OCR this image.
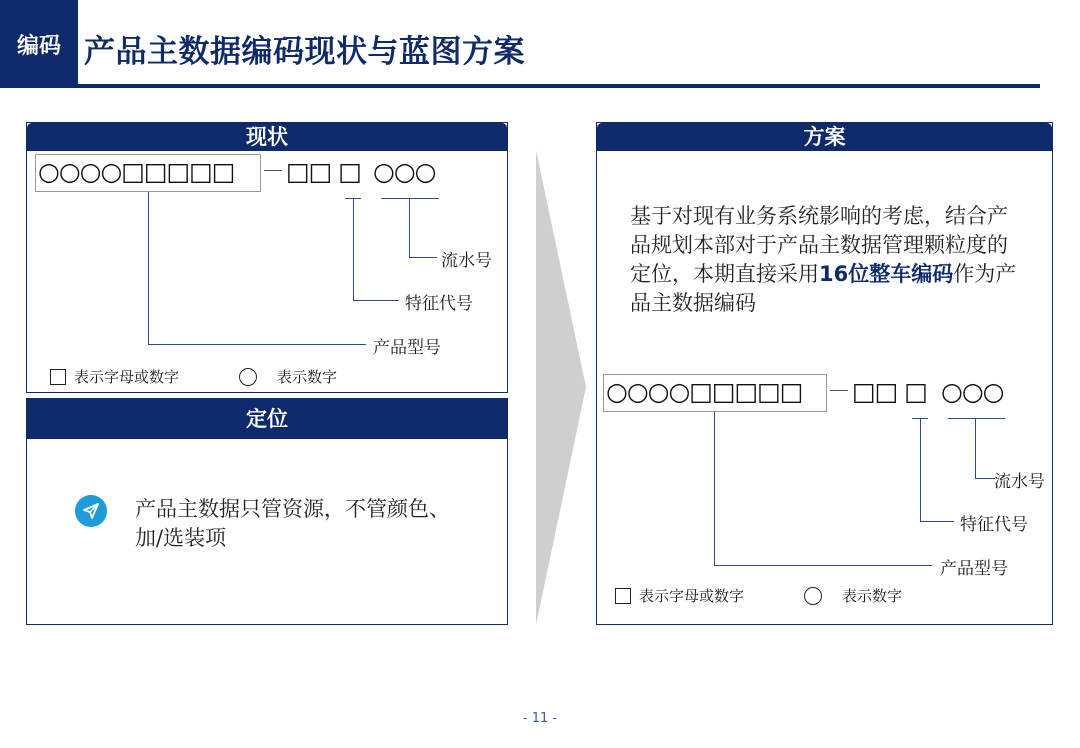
编码 产品主数据编码现状与蓝图方案
现状
○○○○□□□□□ □□ □ ○○○
流水号
特征代号
产品型号
表示字母或数字	表示数字
定位
产品主数据只管资源，不管颜色、加/选装项
方案
基于对现有业务系统影响的考虑，结合产品规划本部对于产品主数据管理颗粒度的定位，本期直接采用16位整车编码作为产品主数据编码
○○○○□□□□□ □□ □ ○○○
流水号
特征代号
产品型号
表示字母或数字	表示数字
- 11 -
